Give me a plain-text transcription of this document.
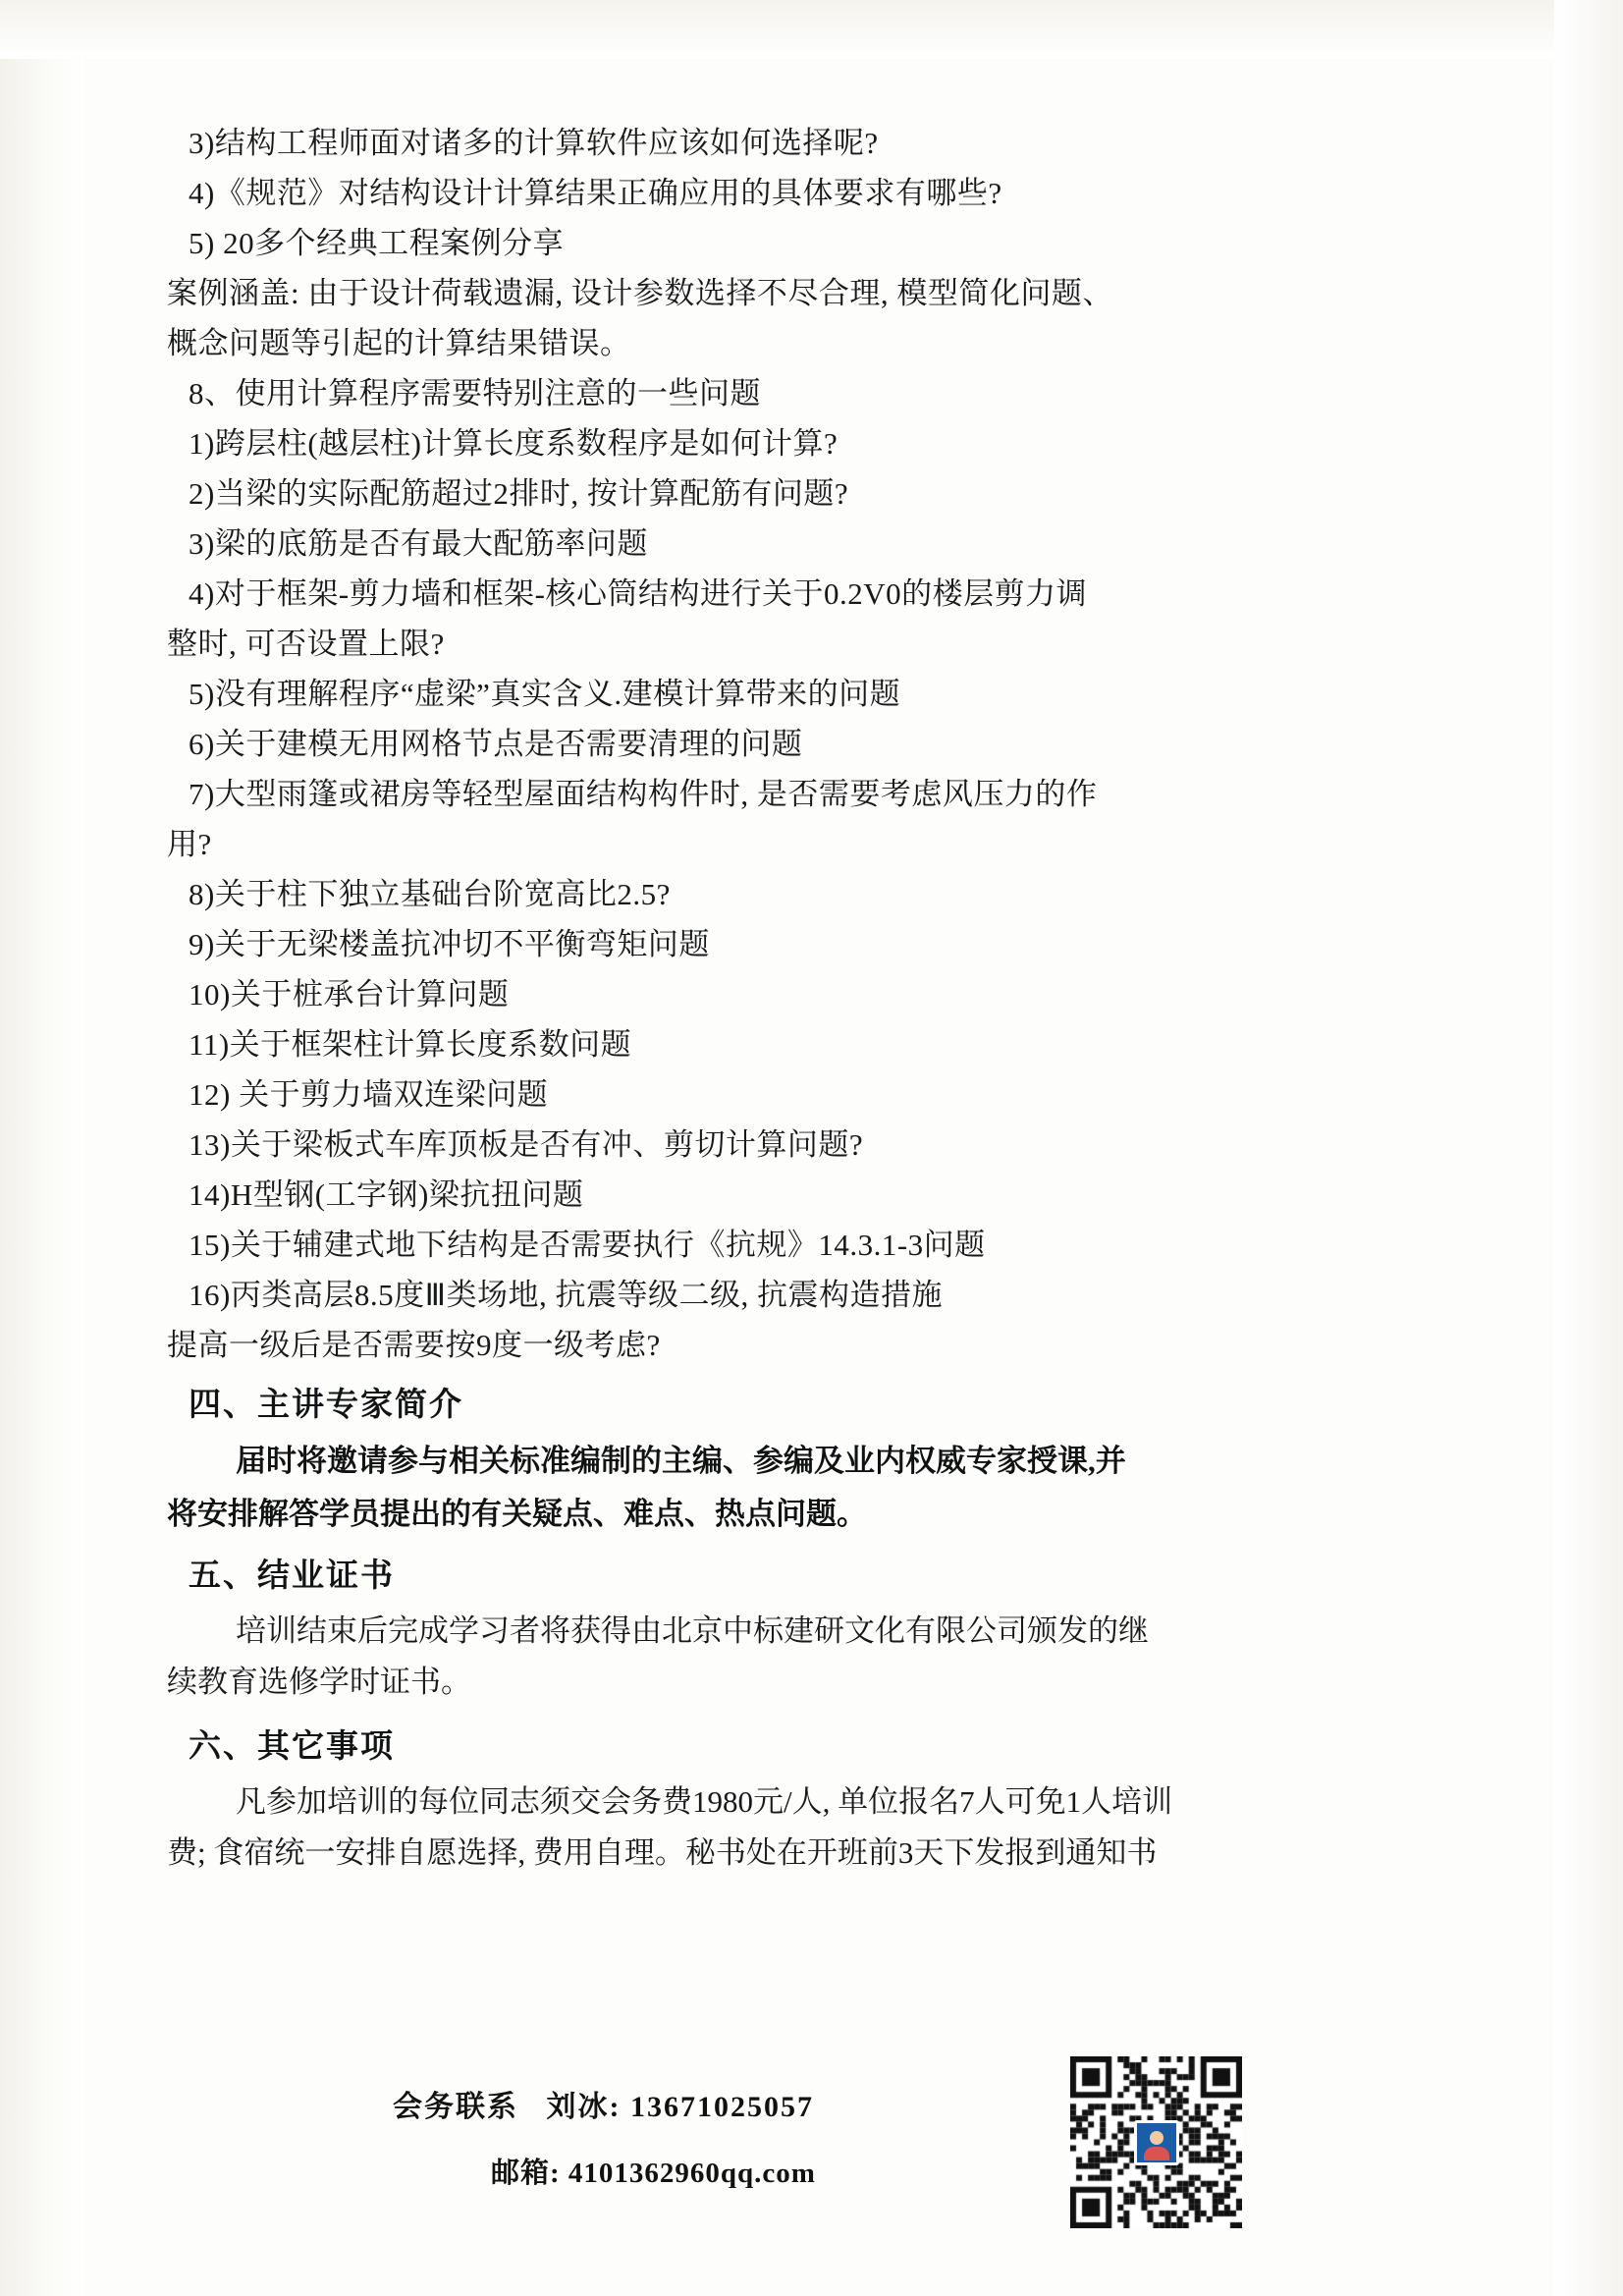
3)结构工程师面对诸多的计算软件应该如何选择呢?
4)《规范》对结构设计计算结果正确应用的具体要求有哪些?
5) 20多个经典工程案例分享
案例涵盖: 由于设计荷载遗漏, 设计参数选择不尽合理, 模型简化问题、
概念问题等引起的计算结果错误。
8、使用计算程序需要特别注意的一些问题
1)跨层柱(越层柱)计算长度系数程序是如何计算?
2)当梁的实际配筋超过2排时, 按计算配筋有问题?
3)梁的底筋是否有最大配筋率问题
4)对于框架-剪力墙和框架-核心筒结构进行关于0.2V0的楼层剪力调
整时, 可否设置上限?
5)没有理解程序“虚梁”真实含义.建模计算带来的问题
6)关于建模无用网格节点是否需要清理的问题
7)大型雨篷或裙房等轻型屋面结构构件时, 是否需要考虑风压力的作
用?
8)关于柱下独立基础台阶宽高比2.5?
9)关于无梁楼盖抗冲切不平衡弯矩问题
10)关于桩承台计算问题
11)关于框架柱计算长度系数问题
12) 关于剪力墙双连梁问题
13)关于梁板式车库顶板是否有冲、剪切计算问题?
14)H型钢(工字钢)梁抗扭问题
15)关于辅建式地下结构是否需要执行《抗规》14.3.1-3问题
16)丙类高层8.5度Ⅲ类场地, 抗震等级二级, 抗震构造措施
提高一级后是否需要按9度一级考虑?
四、主讲专家简介
届时将邀请参与相关标准编制的主编、参编及业内权威专家授课,并
将安排解答学员提出的有关疑点、难点、热点问题。
五、结业证书
培训结束后完成学习者将获得由北京中标建研文化有限公司颁发的继
续教育选修学时证书。
六、其它事项
凡参加培训的每位同志须交会务费1980元/人, 单位报名7人可免1人培训
费; 食宿统一安排自愿选择, 费用自理。秘书处在开班前3天下发报到通知书
会务联系   刘冰: 13671025057
邮箱: 4101362960qq.com
